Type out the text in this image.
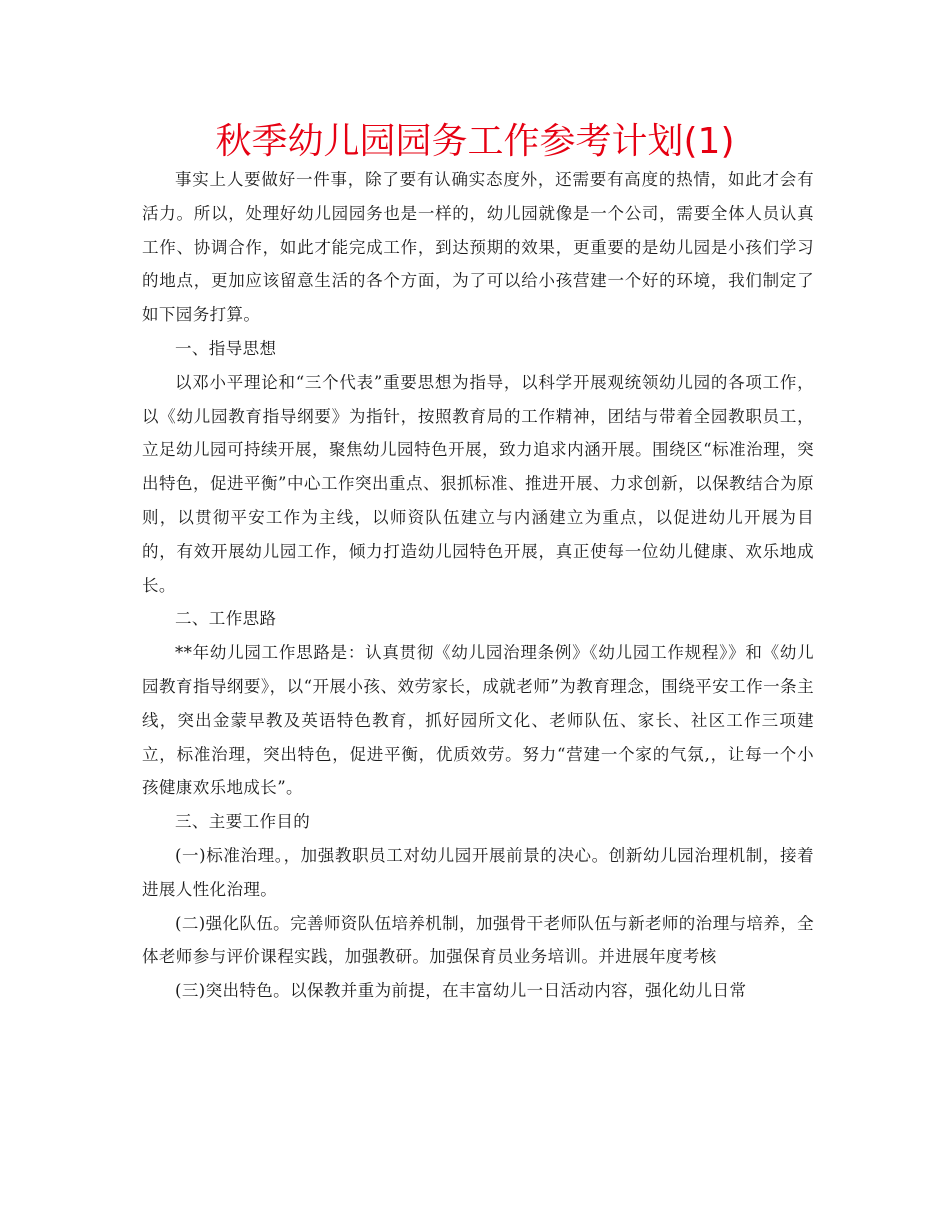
秋季幼儿园园务工作参考计划(1)

事实上人要做好一件事，除了要有认确实态度外，还需要有高度的热情，如此才会有活力。所以，处理好幼儿园园务也是一样的，幼儿园就像是一个公司，需要全体人员认真工作、协调合作，如此才能完成工作，到达预期的效果，更重要的是幼儿园是小孩们学习的地点，更加应该留意生活的各个方面，为了可以给小孩营建一个好的环境，我们制定了如下园务打算。

一、指导思想

以邓小平理论和“三个代表”重要思想为指导，以科学开展观统领幼儿园的各项工作，以《幼儿园教育指导纲要》为指针，按照教育局的工作精神，团结与带着全园教职员工，立足幼儿园可持续开展，聚焦幼儿园特色开展，致力追求内涵开展。围绕区“标准治理，突出特色，促进平衡”中心工作突出重点、狠抓标准、推进开展、力求创新，以保教结合为原则，以贯彻平安工作为主线，以师资队伍建立与内涵建立为重点，以促进幼儿开展为目的，有效开展幼儿园工作，倾力打造幼儿园特色开展，真正使每一位幼儿健康、欢乐地成长。

二、工作思路

**年幼儿园工作思路是：认真贯彻《幼儿园治理条例》《幼儿园工作规程》》和《幼儿园教育指导纲要》，以“开展小孩、效劳家长，成就老师”为教育理念，围绕平安工作一条主线，突出金蒙早教及英语特色教育，抓好园所文化、老师队伍、家长、社区工作三项建立，标准治理，突出特色，促进平衡，优质效劳。努力“营建一个家的气氛,，让每一个小孩健康欢乐地成长”。

三、主要工作目的

(一)标准治理。，加强教职员工对幼儿园开展前景的决心。创新幼儿园治理机制，接着进展人性化治理。

(二)强化队伍。完善师资队伍培养机制，加强骨干老师队伍与新老师的治理与培养，全体老师参与评价课程实践，加强教研。加强保育员业务培训。并进展年度考核

(三)突出特色。以保教并重为前提，在丰富幼儿一日活动内容，强化幼儿日常
